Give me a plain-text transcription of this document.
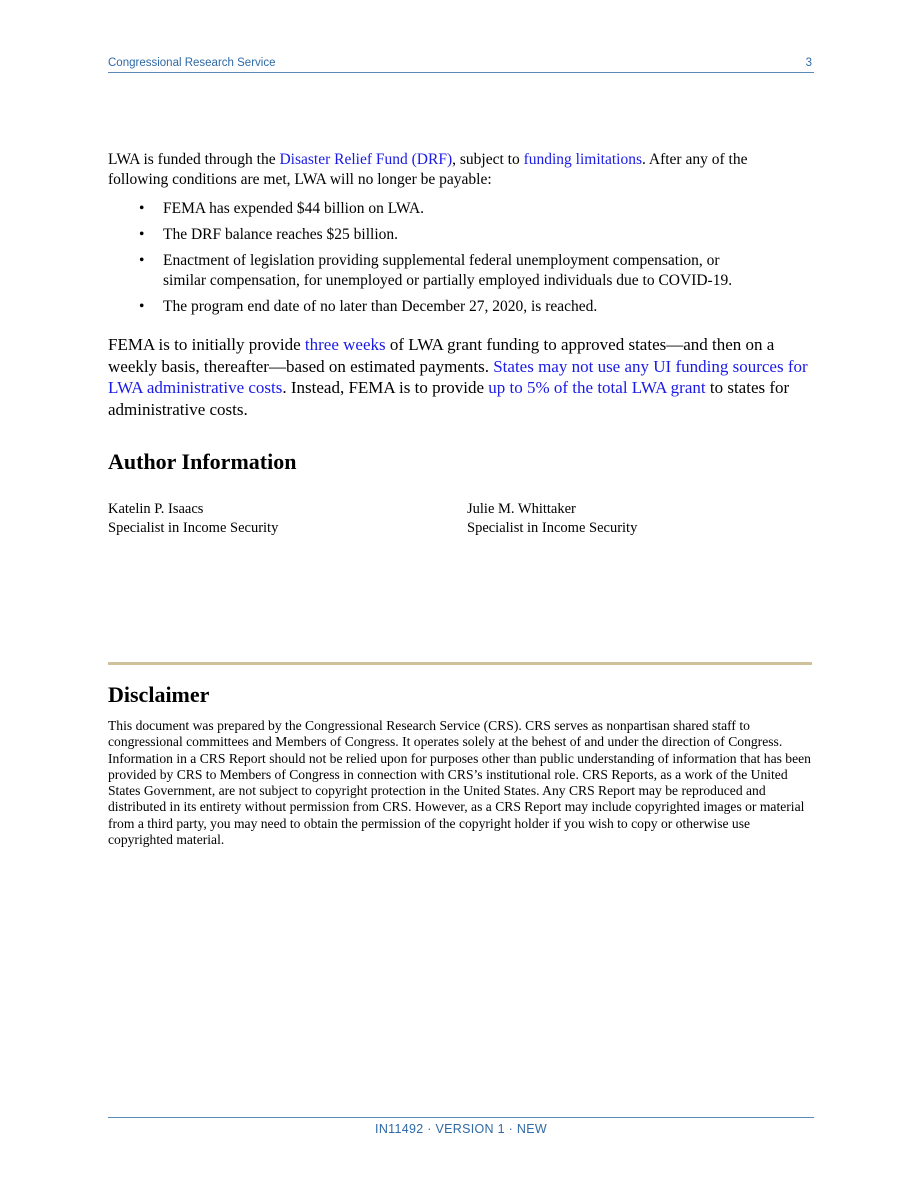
Congressional Research Service	3

LWA is funded through the Disaster Relief Fund (DRF), subject to funding limitations. After any of the following conditions are met, LWA will no longer be payable:

• FEMA has expended $44 billion on LWA.
• The DRF balance reaches $25 billion.
• Enactment of legislation providing supplemental federal unemployment compensation, or similar compensation, for unemployed or partially employed individuals due to COVID-19.
• The program end date of no later than December 27, 2020, is reached.

FEMA is to initially provide three weeks of LWA grant funding to approved states—and then on a weekly basis, thereafter—based on estimated payments. States may not use any UI funding sources for LWA administrative costs. Instead, FEMA is to provide up to 5% of the total LWA grant to states for administrative costs.

Author Information
Katelin P. Isaacs
Specialist in Income Security
Julie M. Whittaker
Specialist in Income Security
Disclaimer

This document was prepared by the Congressional Research Service (CRS). CRS serves as nonpartisan shared staff to congressional committees and Members of Congress. It operates solely at the behest of and under the direction of Congress. Information in a CRS Report should not be relied upon for purposes other than public understanding of information that has been provided by CRS to Members of Congress in connection with CRS’s institutional role. CRS Reports, as a work of the United States Government, are not subject to copyright protection in the United States. Any CRS Report may be reproduced and distributed in its entirety without permission from CRS. However, as a CRS Report may include copyrighted images or material from a third party, you may need to obtain the permission of the copyright holder if you wish to copy or otherwise use copyrighted material.

IN11492 · VERSION 1 · NEW
